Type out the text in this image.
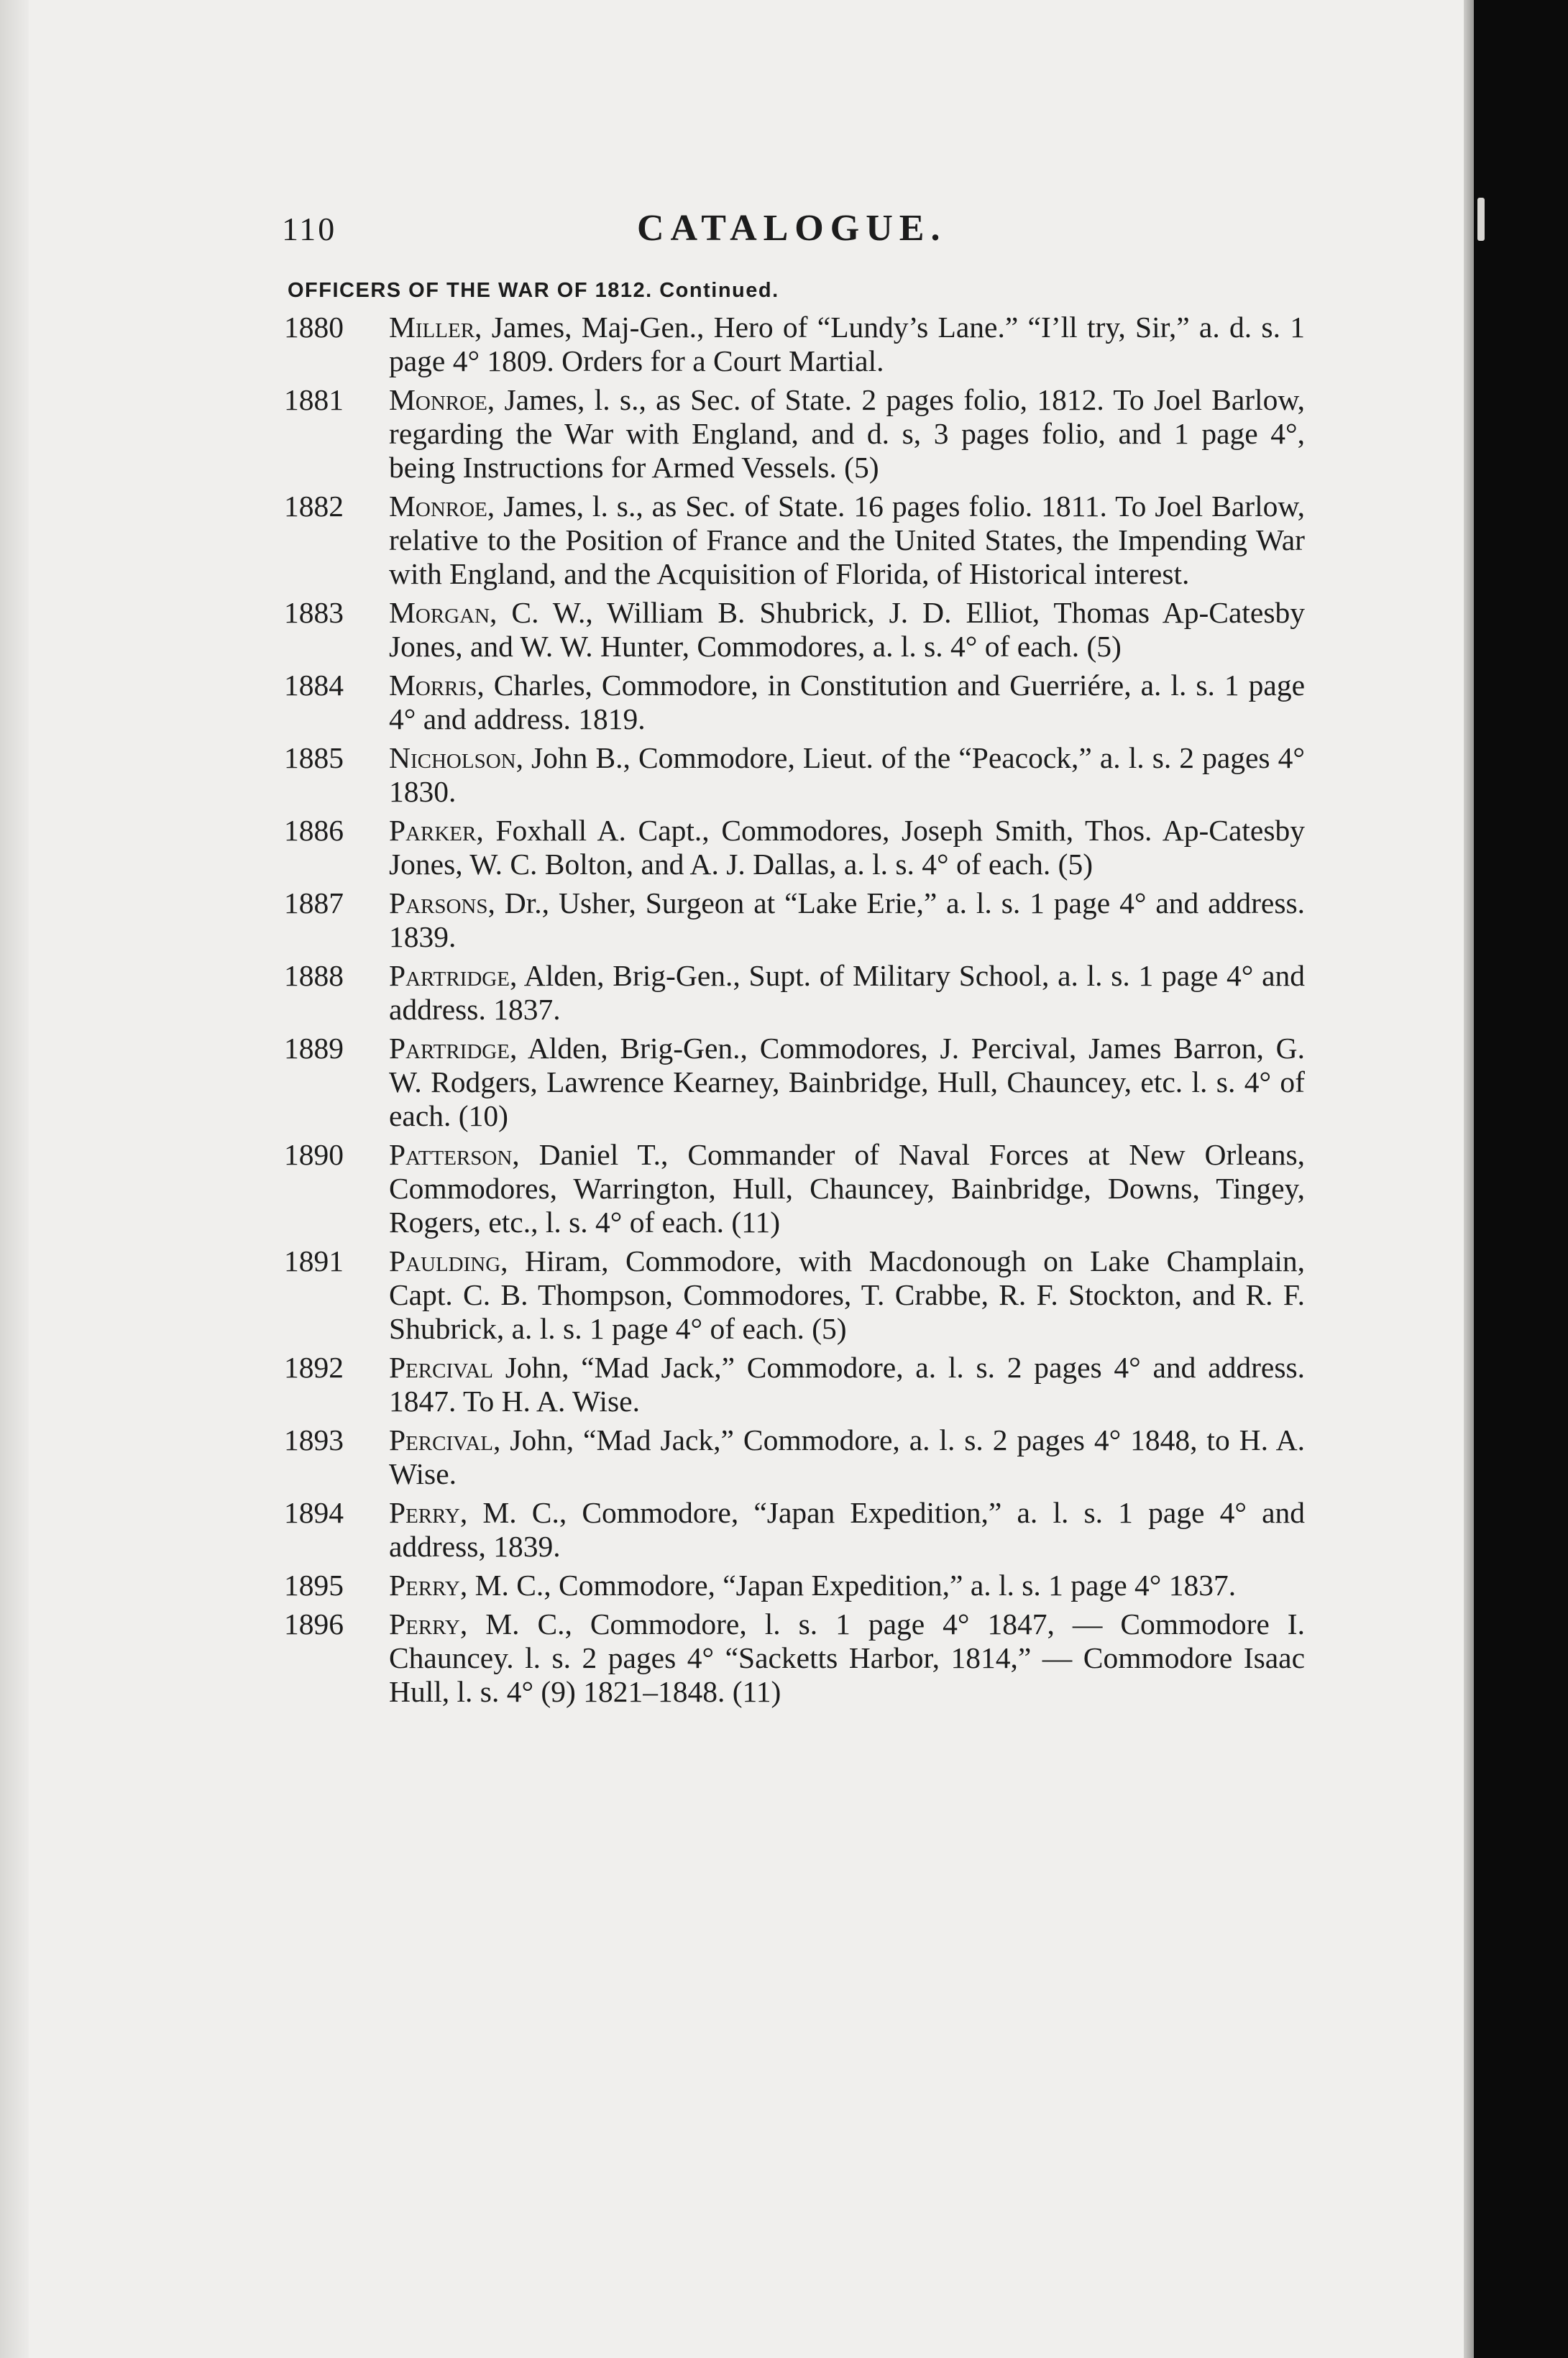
110	CATALOGUE.
OFFICERS OF THE WAR OF 1812. Continued.
1880 Miller, James, Maj-Gen., Hero of “Lundy’s Lane.” “I’ll try, Sir,” a. d. s. 1 page 4° 1809. Orders for a Court Martial.
1881 Monroe, James, l. s., as Sec. of State. 2 pages folio, 1812. To Joel Barlow, regarding the War with England, and d. s, 3 pages folio, and 1 page 4°, being Instructions for Armed Vessels. (5)
1882 Monroe, James, l. s., as Sec. of State. 16 pages folio. 1811. To Joel Barlow, relative to the Position of France and the United States, the Impending War with England, and the Acquisition of Florida, of Historical interest.
1883 Morgan, C. W., William B. Shubrick, J. D. Elliot, Thomas Ap-Catesby Jones, and W. W. Hunter, Commodores, a. l. s. 4° of each. (5)
1884 Morris, Charles, Commodore, in Constitution and Guerriére, a. l. s. 1 page 4° and address. 1819.
1885 Nicholson, John B., Commodore, Lieut. of the “Peacock,” a. l. s. 2 pages 4° 1830.
1886 Parker, Foxhall A. Capt., Commodores, Joseph Smith, Thos. Ap-Catesby Jones, W. C. Bolton, and A. J. Dallas, a. l. s. 4° of each. (5)
1887 Parsons, Dr., Usher, Surgeon at “Lake Erie,” a. l. s. 1 page 4° and address. 1839.
1888 Partridge, Alden, Brig-Gen., Supt. of Military School, a. l. s. 1 page 4° and address. 1837.
1889 Partridge, Alden, Brig-Gen., Commodores, J. Percival, James Barron, G. W. Rodgers, Lawrence Kearney, Bainbridge, Hull, Chauncey, etc. l. s. 4° of each. (10)
1890 Patterson, Daniel T., Commander of Naval Forces at New Orleans, Commodores, Warrington, Hull, Chauncey, Bainbridge, Downs, Tingey, Rogers, etc., l. s. 4° of each. (11)
1891 Paulding, Hiram, Commodore, with Macdonough on Lake Champlain, Capt. C. B. Thompson, Commodores, T. Crabbe, R. F. Stockton, and R. F. Shubrick, a. l. s. 1 page 4° of each. (5)
1892 Percival John, “Mad Jack,” Commodore, a. l. s. 2 pages 4° and address. 1847. To H. A. Wise.
1893 Percival, John, “Mad Jack,” Commodore, a. l. s. 2 pages 4° 1848, to H. A. Wise.
1894 Perry, M. C., Commodore, “Japan Expedition,” a. l. s. 1 page 4° and address, 1839.
1895 Perry, M. C., Commodore, “Japan Expedition,” a. l. s. 1 page 4° 1837.
1896 Perry, M. C., Commodore, l. s. 1 page 4° 1847, — Commodore I. Chauncey. l. s. 2 pages 4° “Sacketts Harbor, 1814,” — Commodore Isaac Hull, l. s. 4° (9) 1821–1848. (11)
